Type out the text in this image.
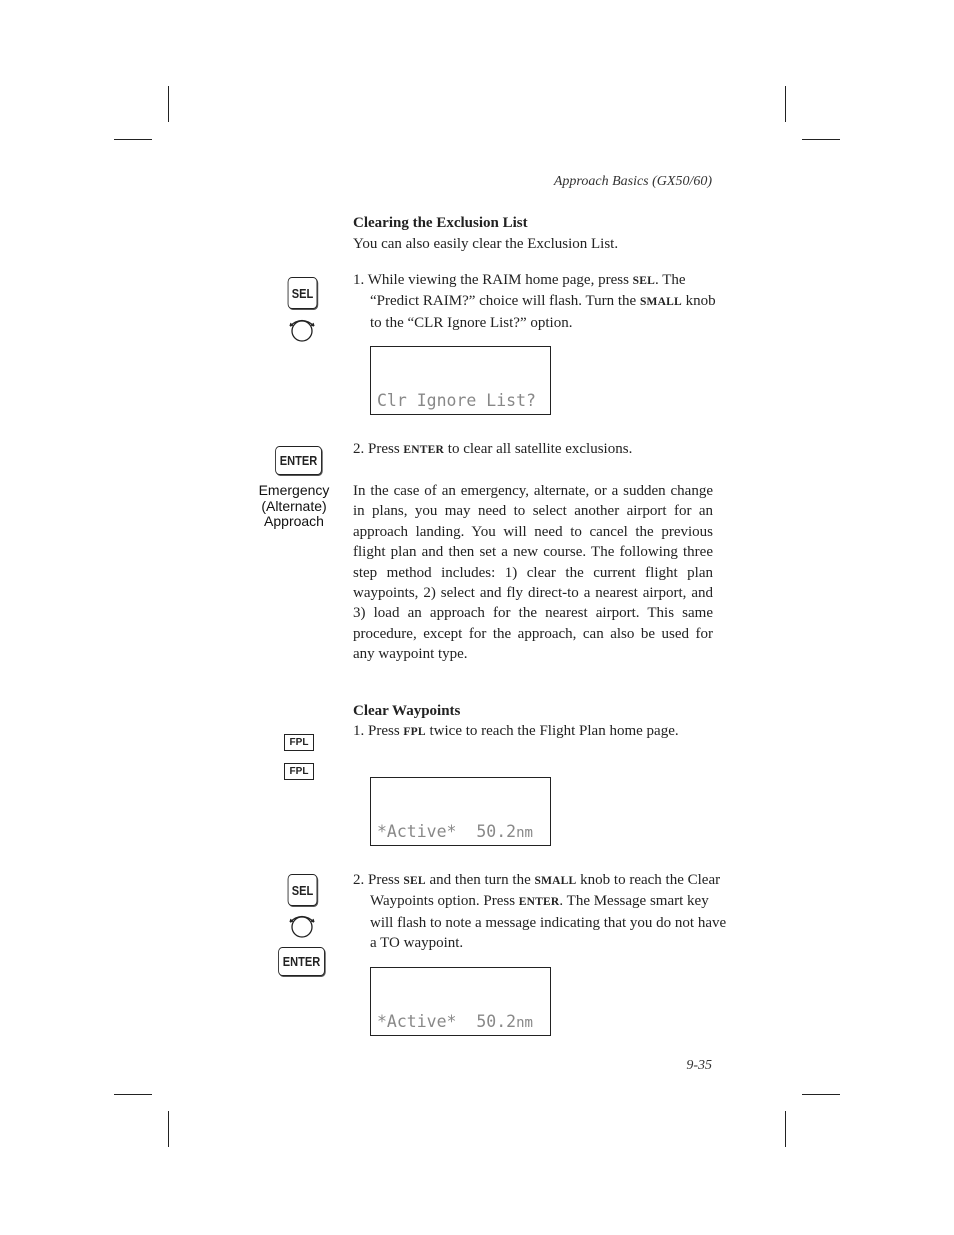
Approach Basics (GX50/60)
Clearing the Exclusion List
You can also easily clear the Exclusion List.
SEL
1. While viewing the RAIM home page, press SEL. The “Predict RAIM?” choice will flash. Turn the SMALL knob to the “CLR Ignore List?” option.

Clr Ignore List?

ENTER
2. Press ENTER to clear all satellite exclusions.
Emergency
(Alternate)
Approach
In the case of an emergency, alternate, or a sudden change in plans, you may need to select another airport for an approach landing. You will need to cancel the previous flight plan and then set a new course. The following three step method includes: 1) clear the current flight plan waypoints, 2) select and fly direct-to a nearest airport, and 3) load an approach for the nearest airport. This same procedure, except for the approach, can also be used for any waypoint type.
Clear Waypoints
1. Press FPL twice to reach the Flight Plan home page.
FPL
FPL

*Active*  50.2nm

SEL
ENTER
2. Press SEL and then turn the SMALL knob to reach the Clear Waypoints option. Press ENTER. The Message smart key will flash to note a message indicating that you do not have a TO waypoint.

*Active*  50.2nm

9-35
